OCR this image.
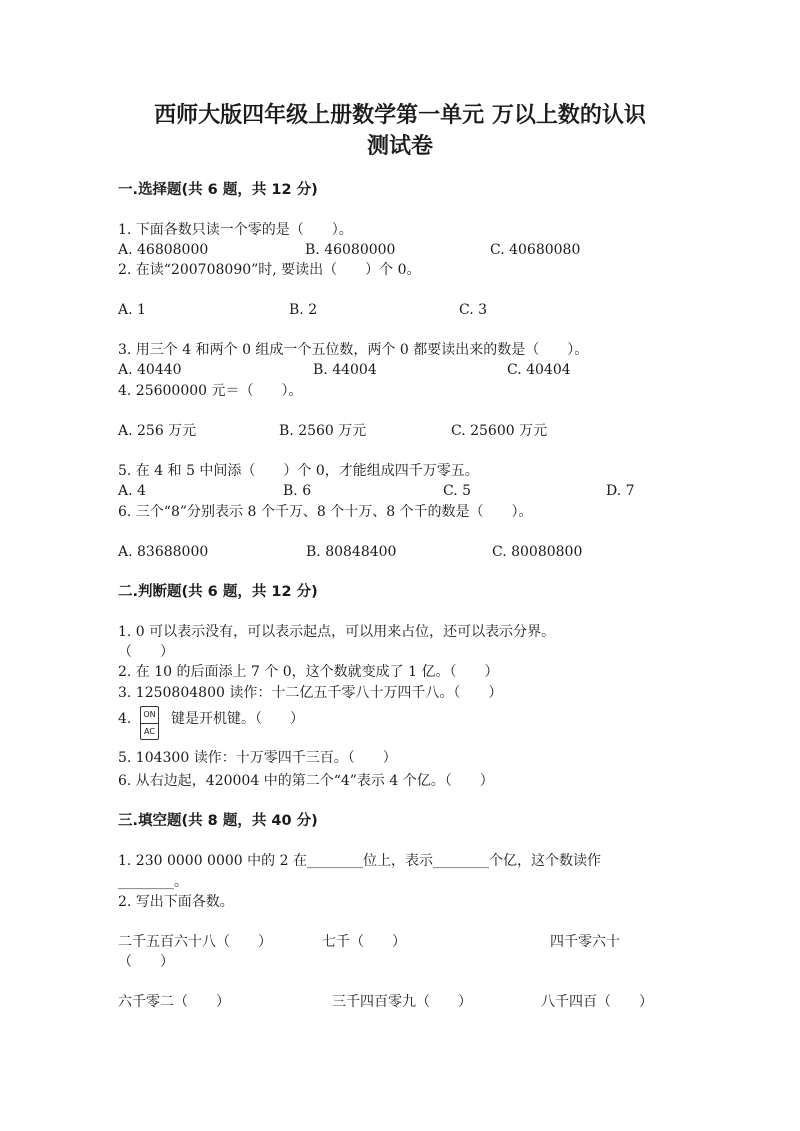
西师大版四年级上册数学第一单元 万以上数的认识
测试卷
一.选择题(共 6 题，共 12 分)
1. 下面各数只读一个零的是（　　）。
A. 46808000	B. 46080000	C. 40680080
2. 在读“200708090”时, 要读出（　　）个 0。
A. 1	B. 2	C. 3
3. 用三个 4 和两个 0 组成一个五位数，两个 0 都要读出来的数是（　　）。
A. 40440	B. 44004	C. 40404
4. 25600000 元＝（　　）。
A. 256 万元	B. 2560 万元	C. 25600 万元
5. 在 4 和 5 中间添（　　）个 0，才能组成四千万零五。
A. 4	B. 6	C. 5	D. 7
6. 三个“8”分别表示 8 个千万、8 个十万、8 个千的数是（　　）。
A. 83688000	B. 80848400	C. 80080800
二.判断题(共 6 题，共 12 分)
1. 0 可以表示没有，可以表示起点，可以用来占位，还可以表示分界。
（　　）
2. 在 10 的后面添上 7 个 0，这个数就变成了 1 亿。（　　）
3. 1250804800 读作：十二亿五千零八十万四千八。（　　）
4. ON
AC
键是开机键。（　　）
5. 104300 读作：十万零四千三百。（　　）
6. 从右边起，420004 中的第二个“4”表示 4 个亿。（　　）
三.填空题(共 8 题，共 40 分)
1. 230 0000 0000 中的 2 在________位上，表示________个亿，这个数读作
________。
2. 写出下面各数。
二千五百六十八（　　）	七千（　　）	四千零六十
（　　）
六千零二（　　）	三千四百零九（　　）	八千四百（　　）
